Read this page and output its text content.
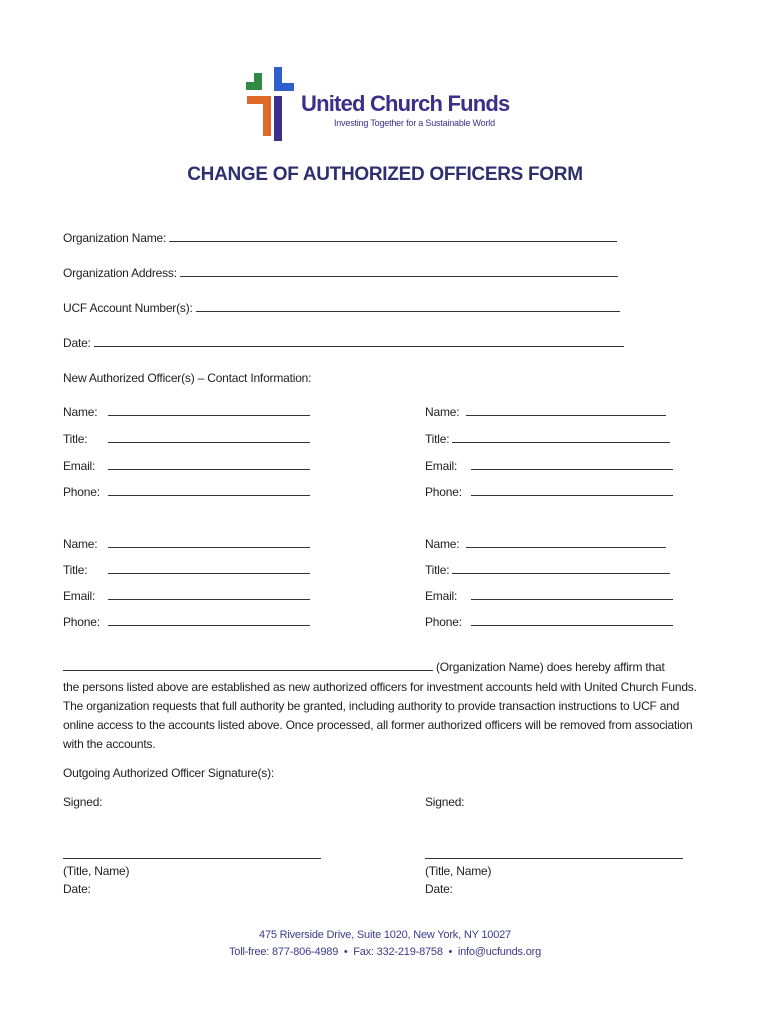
United Church Funds
Investing Together for a Sustainable World
CHANGE OF AUTHORIZED OFFICERS FORM
Organization Name:
Organization Address:
UCF Account Number(s):
Date:
New Authorized Officer(s) – Contact Information:
Name:
Title:
Email:
Phone:
Name:
Title:
Email:
Phone:
Name:
Title:
Email:
Phone:
Name:
Title:
Email:
Phone:
(Organization Name) does hereby affirm that
the persons listed above are established as new authorized officers for investment accounts held with United Church Funds. The organization requests that full authority be granted, including authority to provide transaction instructions to UCF and online access to the accounts listed above. Once processed, all former authorized officers will be removed from association with the accounts.
Outgoing Authorized Officer Signature(s):
Signed:	Signed:
(Title, Name)	(Title, Name)
Date:	Date:
475 Riverside Drive, Suite 1020, New York, NY 10027
Toll-free: 877-806-4989  •  Fax: 332-219-8758  •  info@ucfunds.org
